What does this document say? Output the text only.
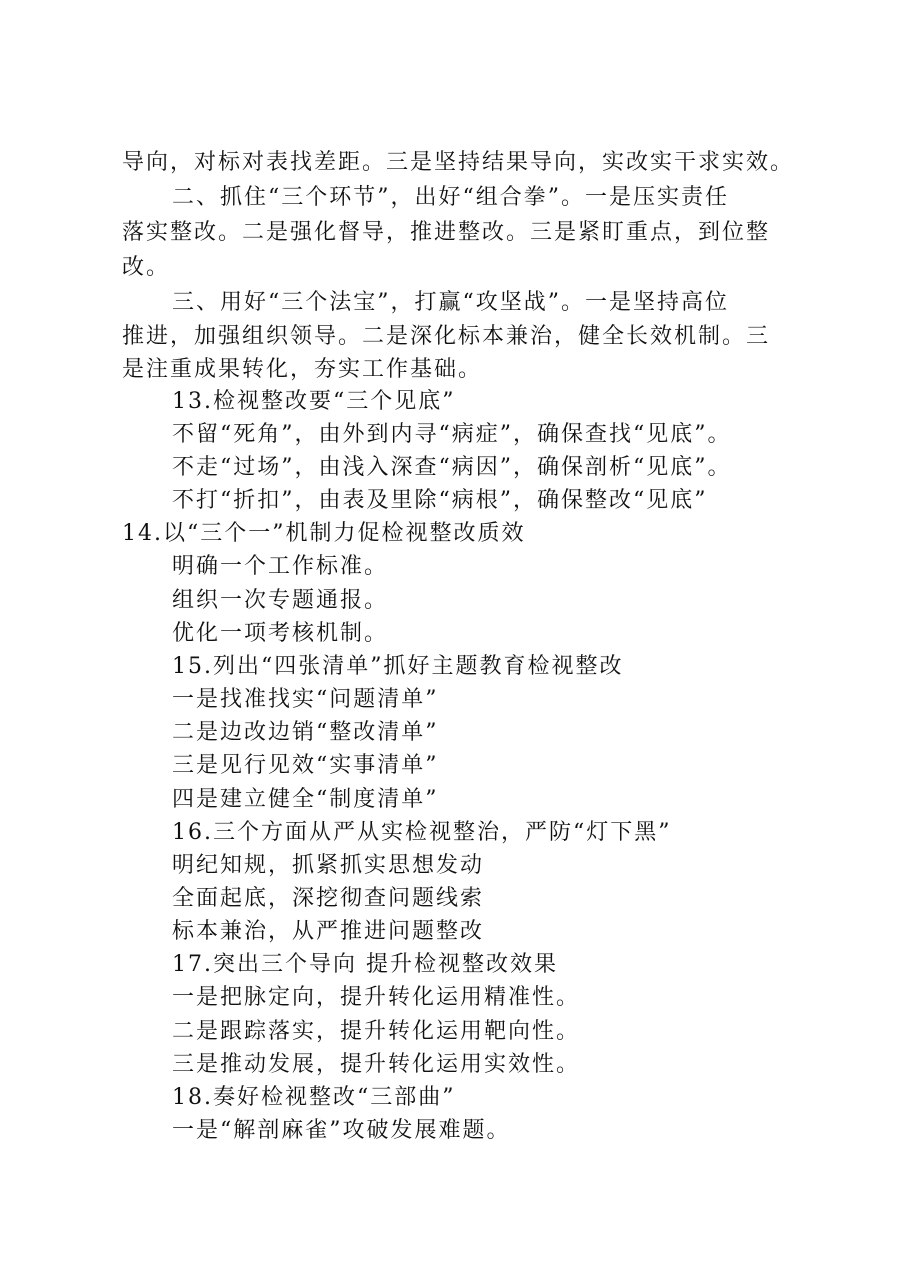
导向，对标对表找差距。三是坚持结果导向，实改实干求实效。
二、抓住“三个环节”，出好“组合拳”。一是压实责任
落实整改。二是强化督导，推进整改。三是紧盯重点，到位整
改。
三、用好“三个法宝”，打赢“攻坚战”。一是坚持高位
推进，加强组织领导。二是深化标本兼治，健全长效机制。三
是注重成果转化，夯实工作基础。
13.检视整改要“三个见底”
不留“死角”，由外到内寻“病症”，确保查找“见底”。
不走“过场”，由浅入深查“病因”，确保剖析“见底”。
不打“折扣”，由表及里除“病根”，确保整改“见底”
14.以“三个一”机制力促检视整改质效
明确一个工作标准。
组织一次专题通报。
优化一项考核机制。
15.列出“四张清单”抓好主题教育检视整改
一是找准找实“问题清单”
二是边改边销“整改清单”
三是见行见效“实事清单”
四是建立健全“制度清单”
16.三个方面从严从实检视整治，严防“灯下黑”
明纪知规，抓紧抓实思想发动
全面起底，深挖彻查问题线索
标本兼治，从严推进问题整改
17.突出三个导向 提升检视整改效果
一是把脉定向，提升转化运用精准性。
二是跟踪落实，提升转化运用靶向性。
三是推动发展，提升转化运用实效性。
18.奏好检视整改“三部曲”
一是“解剖麻雀”攻破发展难题。
